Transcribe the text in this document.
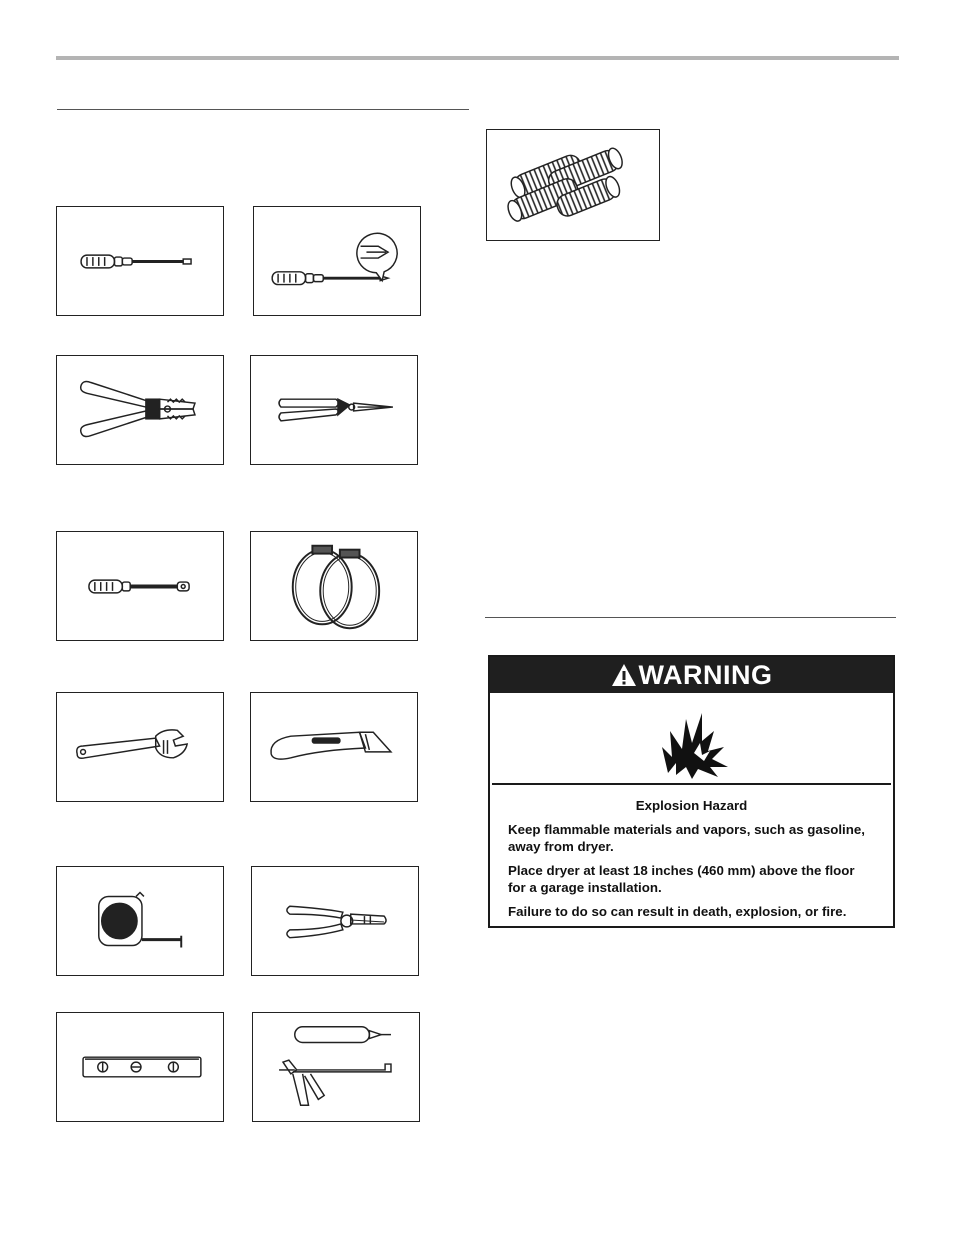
WARNING
Explosion Hazard

Keep flammable materials and vapors, such as gasoline, away from dryer.

Place dryer at least 18 inches (460 mm) above the floor for a garage installation.

Failure to do so can result in death, explosion, or fire.
